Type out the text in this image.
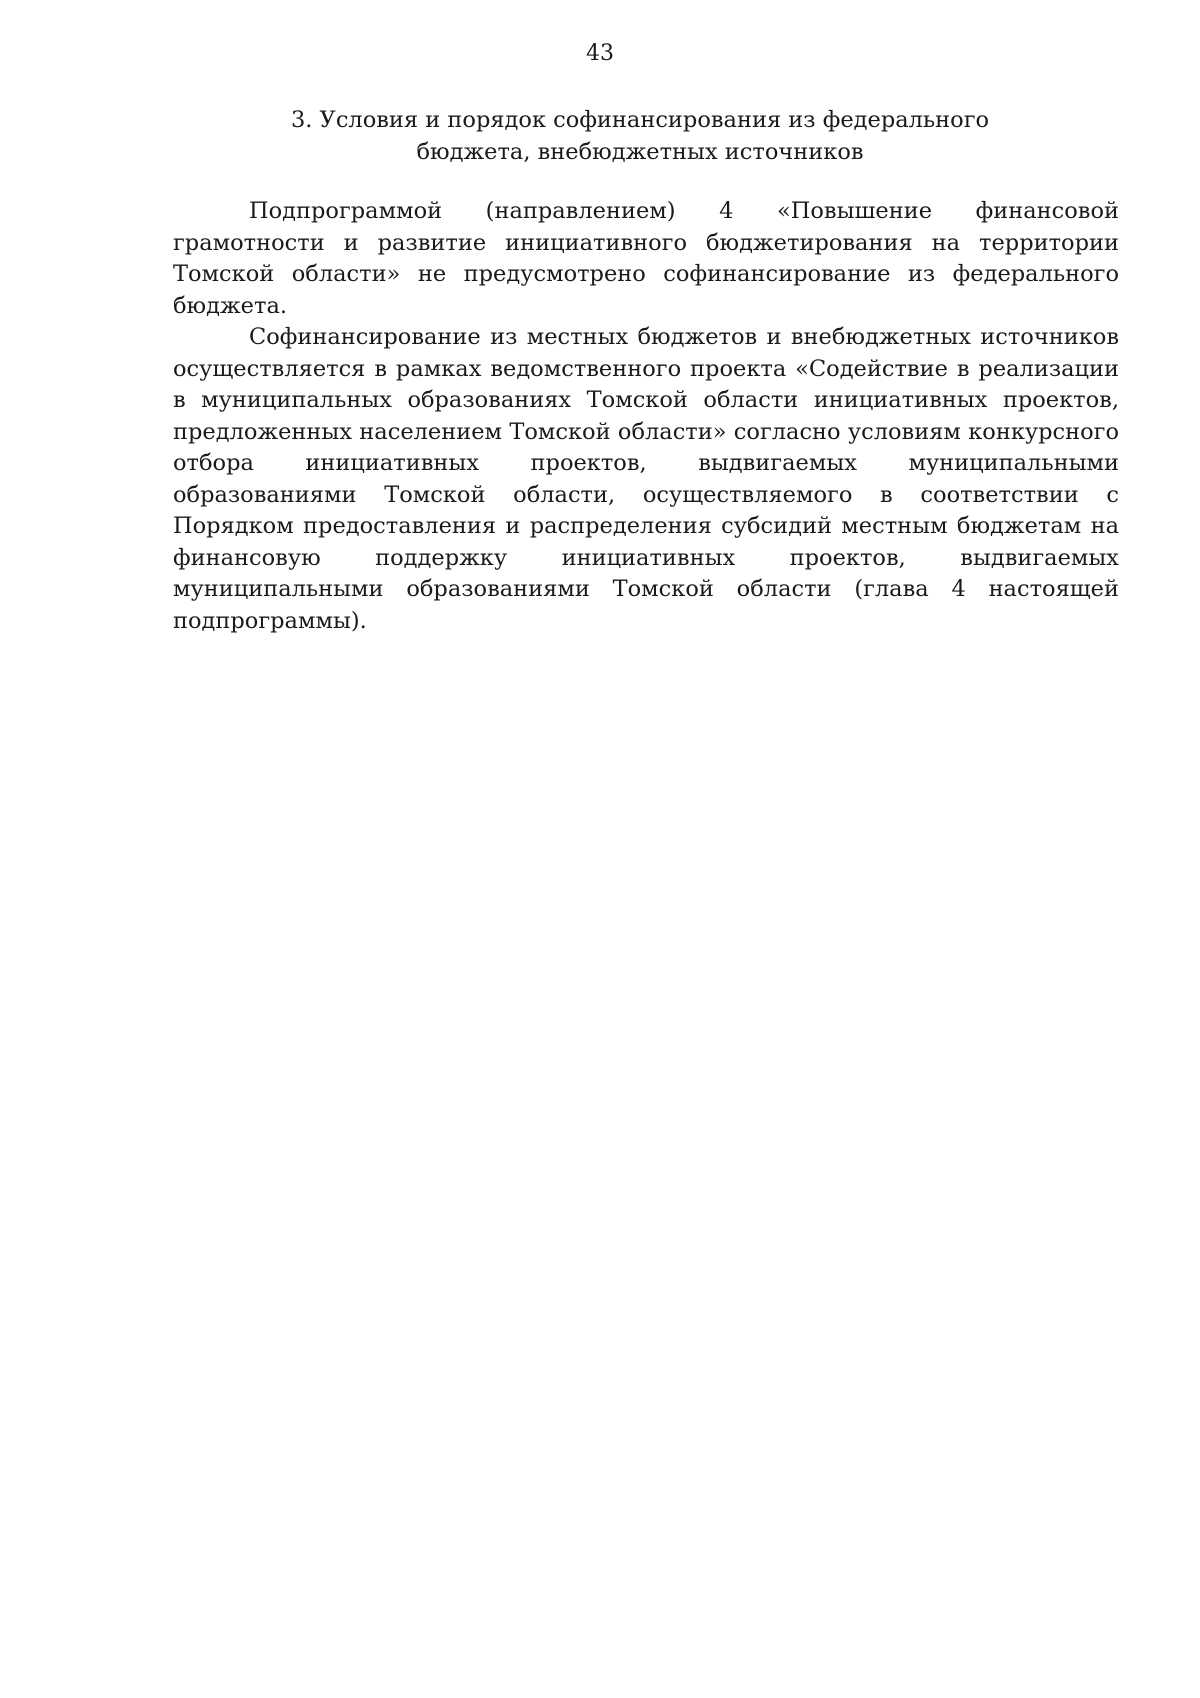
43
3. Условия и порядок софинансирования из федерального
бюджета, внебюджетных источников

Подпрограммой (направлением) 4 «Повышение финансовой грамотности и развитие инициативного бюджетирования на территории Томской области» не предусмотрено софинансирование из федерального бюджета.

Софинансирование из местных бюджетов и внебюджетных источников осуществляется в рамках ведомственного проекта «Содействие в реализации в муниципальных образованиях Томской области инициативных проектов, предложенных населением Томской области» согласно условиям конкурсного отбора инициативных проектов, выдвигаемых муниципальными образованиями Томской области, осуществляемого в соответствии с Порядком предоставления и распределения субсидий местным бюджетам на финансовую поддержку инициативных проектов, выдвигаемых муниципальными образованиями Томской области (глава 4 настоящей подпрограммы).
